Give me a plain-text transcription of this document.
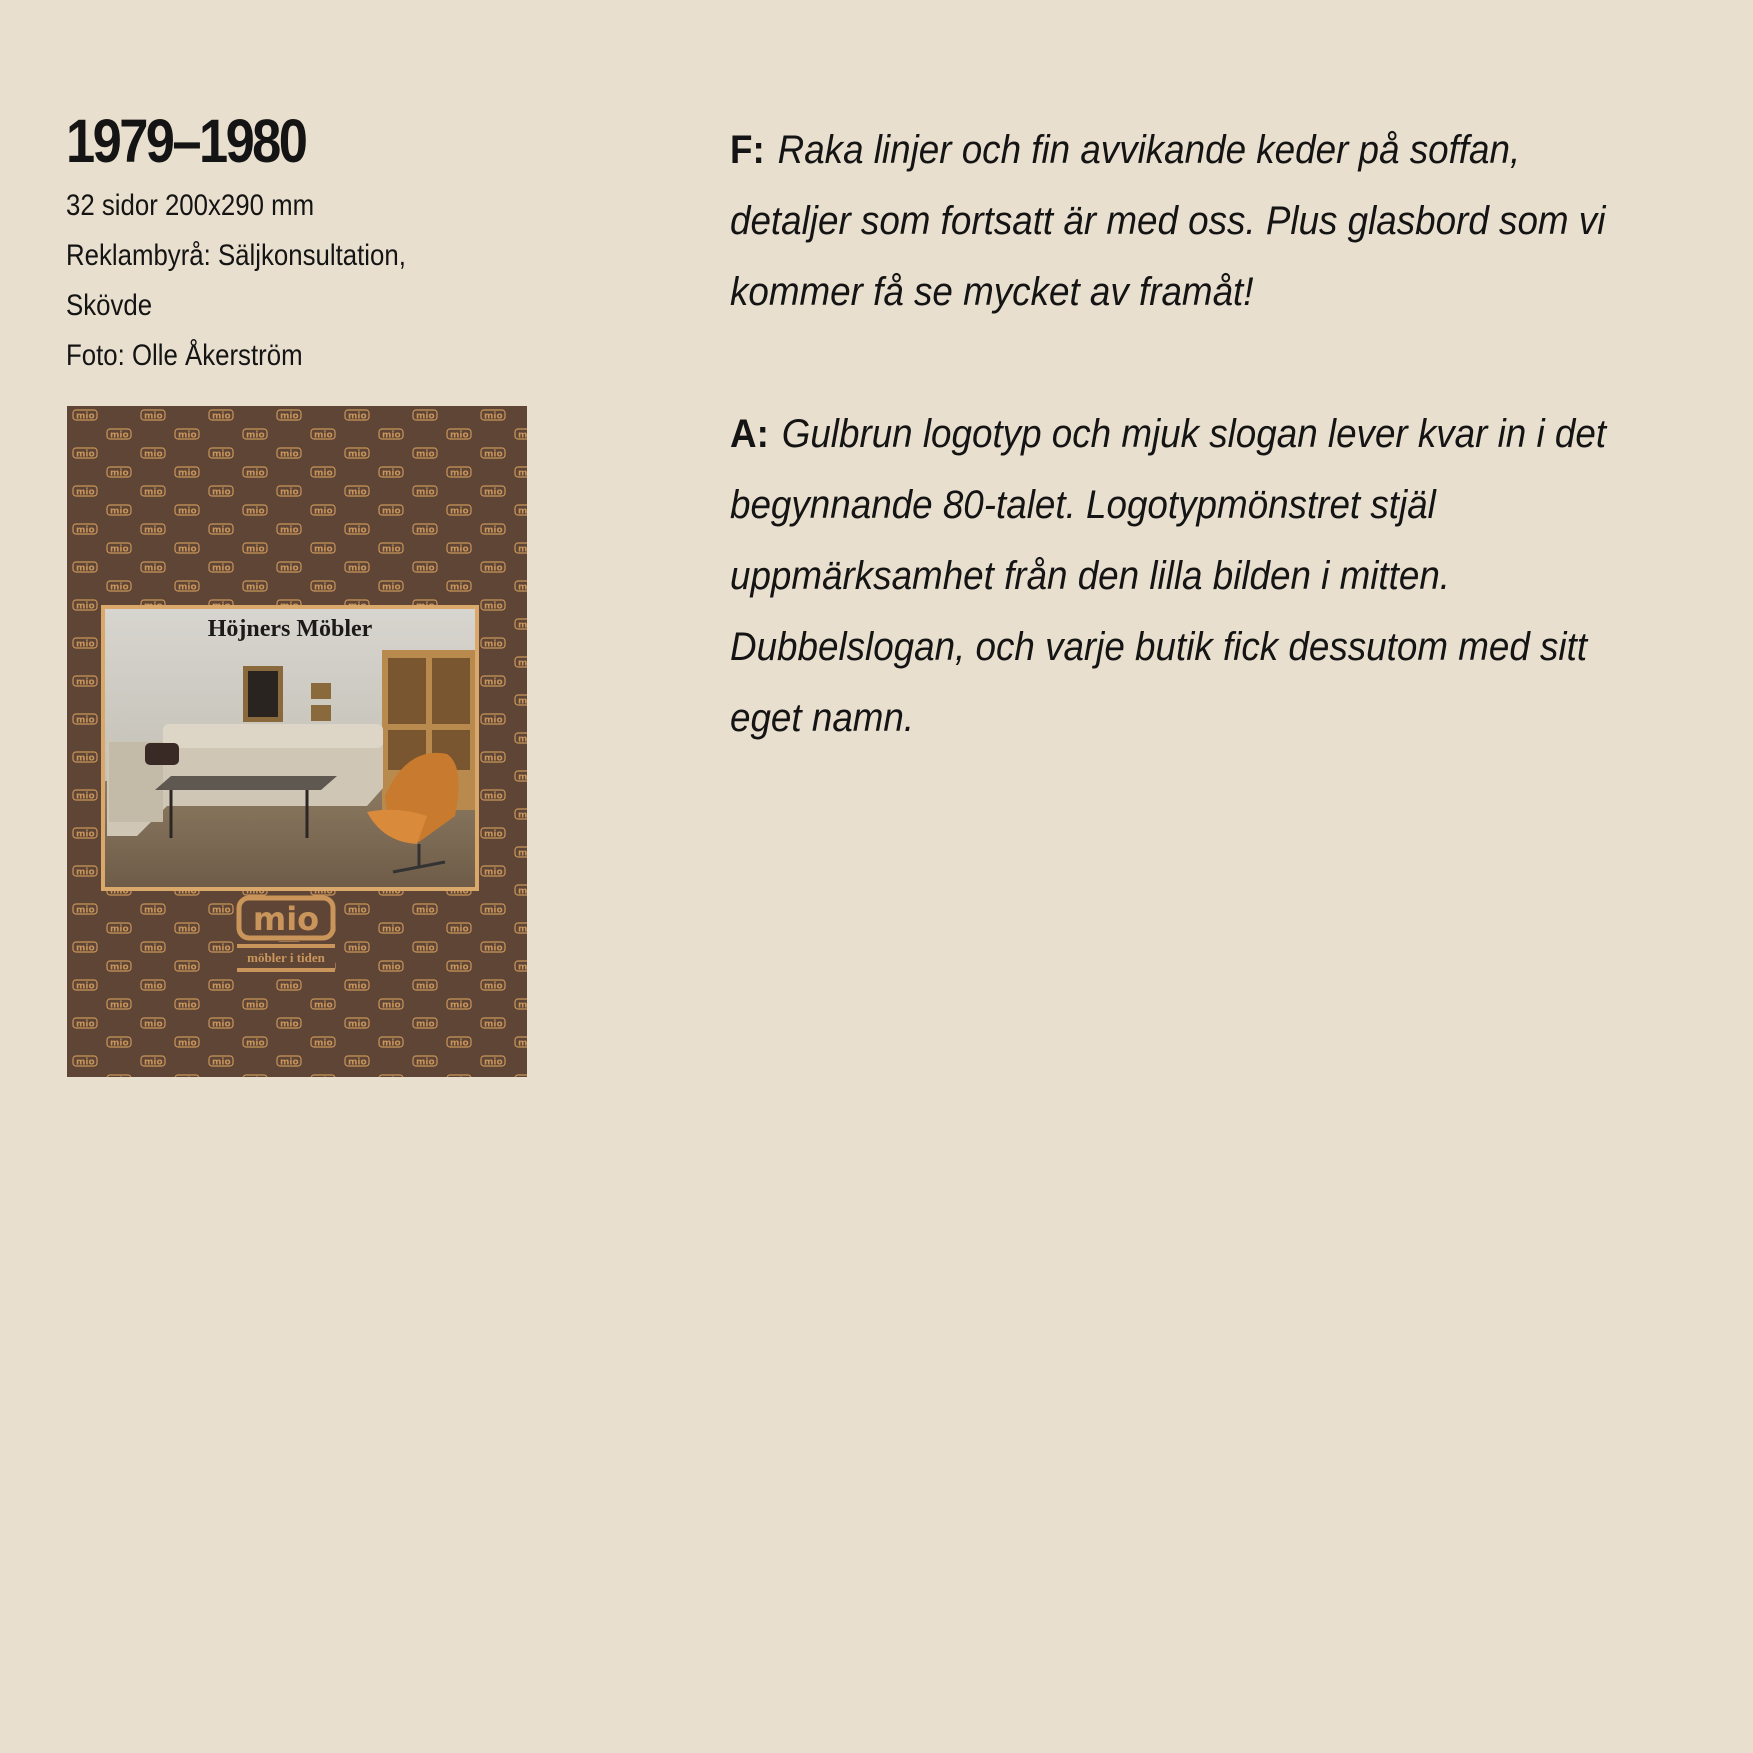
1979–1980
32 sidor 200x290 mm
Reklambyrå: Säljkonsultation,
Skövde
Foto: Olle Åkerström
Höjners Möbler
mio
möbler i tiden
F: Raka linjer och fin avvikande keder på soffan, detaljer som fortsatt är med oss. Plus glasbord som vi kommer få se mycket av framåt!
A: Gulbrun logotyp och mjuk slogan lever kvar in i det begynnande 80-talet. Logotypmönstret stjäl uppmärksamhet från den lilla bilden i mitten. Dubbelslogan, och varje butik fick dessutom med sitt eget namn.
